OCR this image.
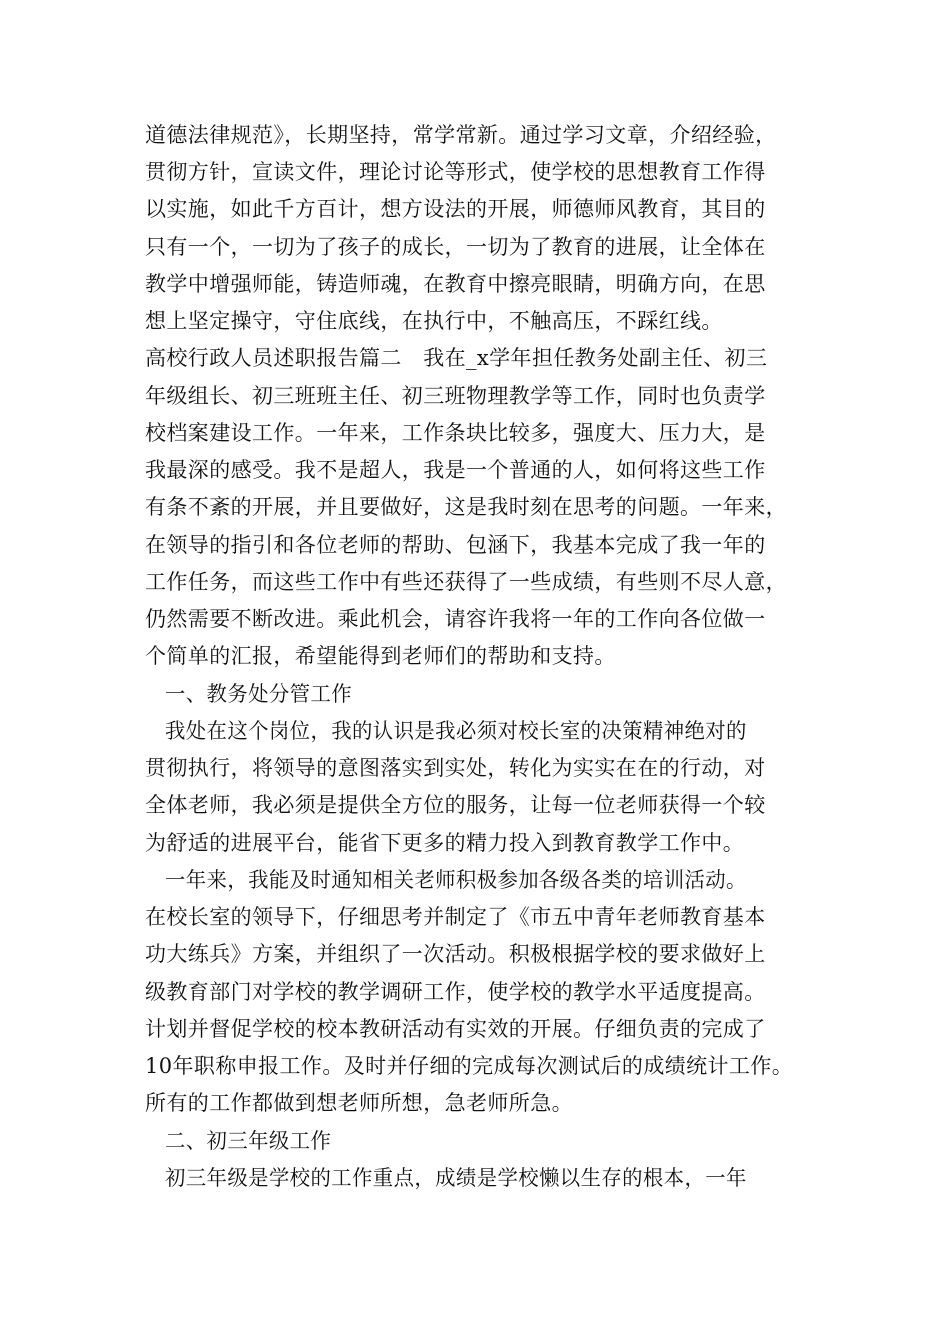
道德法律规范》，长期坚持，常学常新。通过学习文章，介绍经验，
贯彻方针，宣读文件，理论讨论等形式，使学校的思想教育工作得
以实施，如此千方百计，想方设法的开展，师德师风教育，其目的
只有一个，一切为了孩子的成长，一切为了教育的进展，让全体在
教学中增强师能，铸造师魂，在教育中擦亮眼睛，明确方向，在思
想上坚定操守，守住底线，在执行中，不触高压，不踩红线。
高校行政人员述职报告篇二　我在_x学年担任教务处副主任、初三
年级组长、初三班班主任、初三班物理教学等工作，同时也负责学
校档案建设工作。一年来，工作条块比较多，强度大、压力大，是
我最深的感受。我不是超人，我是一个普通的人，如何将这些工作
有条不紊的开展，并且要做好，这是我时刻在思考的问题。一年来，
在领导的指引和各位老师的帮助、包涵下，我基本完成了我一年的
工作任务，而这些工作中有些还获得了一些成绩，有些则不尽人意，
仍然需要不断改进。乘此机会，请容许我将一年的工作向各位做一
个简单的汇报，希望能得到老师们的帮助和支持。
一、教务处分管工作
我处在这个岗位，我的认识是我必须对校长室的决策精神绝对的
贯彻执行，将领导的意图落实到实处，转化为实实在在的行动，对
全体老师，我必须是提供全方位的服务，让每一位老师获得一个较
为舒适的进展平台，能省下更多的精力投入到教育教学工作中。
一年来，我能及时通知相关老师积极参加各级各类的培训活动。
在校长室的领导下，仔细思考并制定了《市五中青年老师教育基本
功大练兵》方案，并组织了一次活动。积极根据学校的要求做好上
级教育部门对学校的教学调研工作，使学校的教学水平适度提高。
计划并督促学校的校本教研活动有实效的开展。仔细负责的完成了
10年职称申报工作。及时并仔细的完成每次测试后的成绩统计工作。
所有的工作都做到想老师所想，急老师所急。
二、初三年级工作
初三年级是学校的工作重点，成绩是学校懒以生存的根本，一年
